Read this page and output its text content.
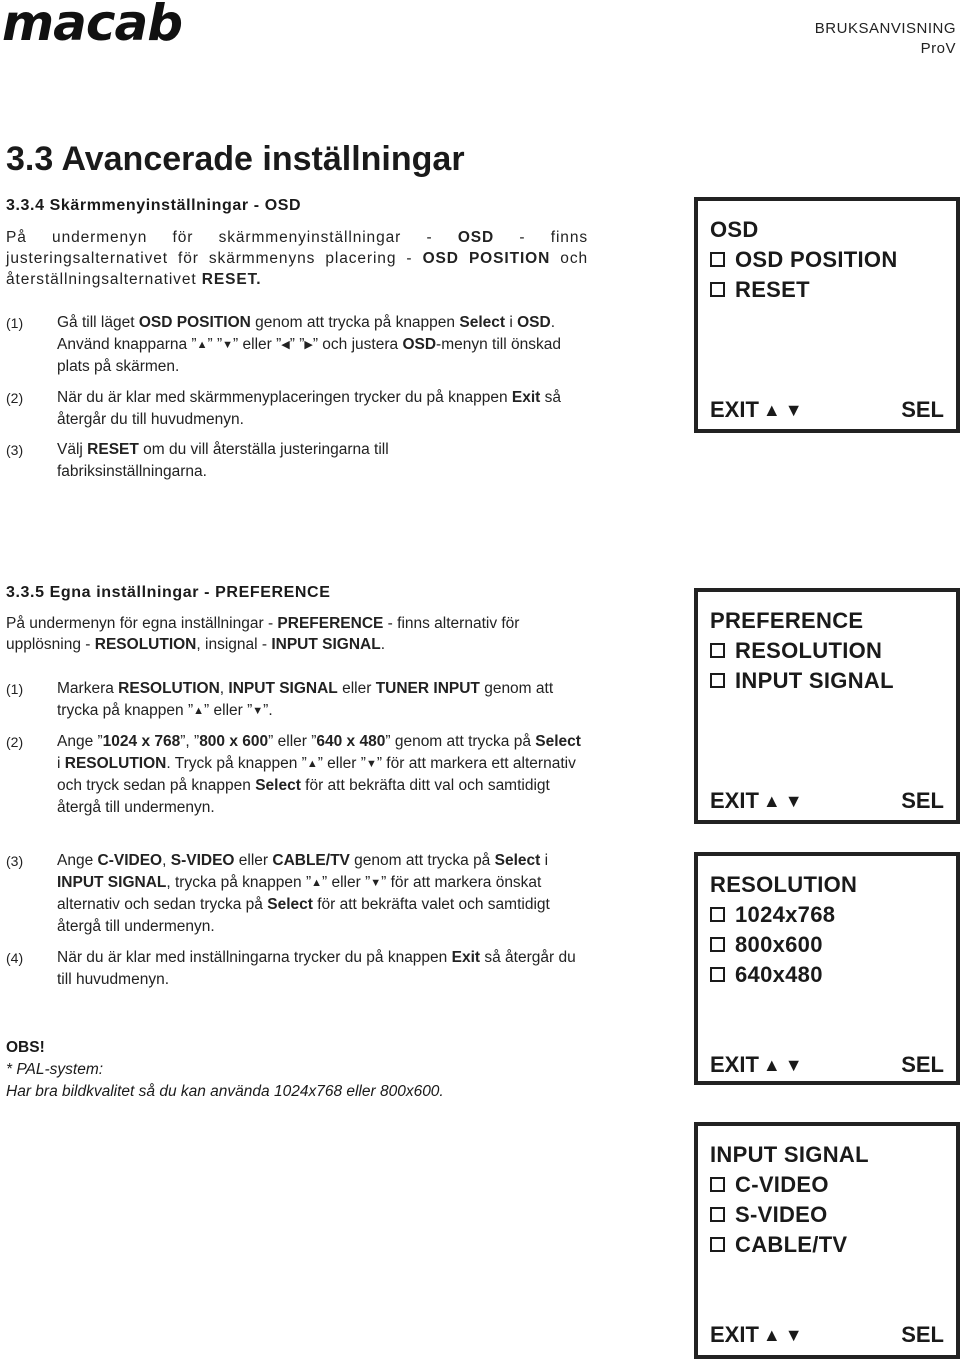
macab	BRUKSANVISNING
ProV
3.3 Avancerade inställningar
3.3.4 Skärmmenyinställningar - OSD
På undermenyn för skärmmenyinställningar - OSD - finns justeringsalternativet för skärmmenyns placering - OSD POSITION och återställningsalternativet RESET.
(1) Gå till läget OSD POSITION genom att trycka på knappen Select i OSD. Använd knapparna ”▲” ”▼” eller ”◀” ”▶” och justera OSD-menyn till önskad plats på skärmen.
(2) När du är klar med skärmmenyplaceringen trycker du på knappen Exit så återgår du till huvudmenyn.
(3) Välj RESET om du vill återställa justeringarna till fabriksinställningarna.
3.3.5 Egna inställningar - PREFERENCE
På undermenyn för egna inställningar - PREFERENCE - finns alternativ för upplösning - RESOLUTION, insignal - INPUT SIGNAL.
(1) Markera RESOLUTION, INPUT SIGNAL eller TUNER INPUT genom att trycka på knappen ”▲” eller ”▼”.
(2) Ange ”1024 x 768”, ”800 x 600” eller ”640 x 480” genom att trycka på Select i RESOLUTION. Tryck på knappen ”▲” eller ”▼” för att markera ett alternativ och tryck sedan på knappen Select för att bekräfta ditt val och samtidigt återgå till undermenyn.
(3) Ange C-VIDEO, S-VIDEO eller CABLE/TV genom att trycka på Select i INPUT SIGNAL, trycka på knappen ”▲” eller ”▼” för att markera önskat alternativ och sedan trycka på Select för att bekräfta valet och samtidigt återgå till undermenyn.
(4) När du är klar med inställningarna trycker du på knappen Exit så återgår du till huvudmenyn.
OBS!
* PAL-system:
Har bra bildkvalitet så du kan använda 1024x768 eller 800x600.
OSD
OSD POSITION
RESET
EXIT ▲ ▼	SEL
PREFERENCE
RESOLUTION
INPUT SIGNAL
EXIT ▲ ▼	SEL
RESOLUTION
1024x768
800x600
640x480
EXIT ▲ ▼	SEL
INPUT SIGNAL
C-VIDEO
S-VIDEO
CABLE/TV
EXIT ▲ ▼	SEL
